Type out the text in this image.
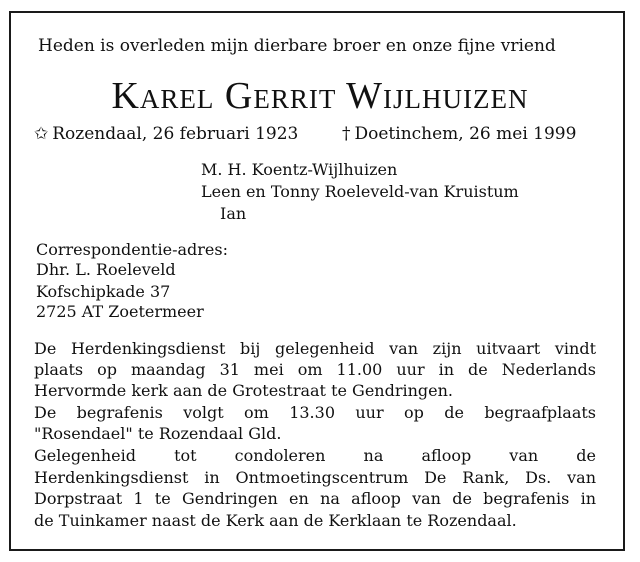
Heden is overleden mijn dierbare broer en onze fijne vriend
Karel Gerrit Wijlhuizen
✩ Rozendaal, 26 februari 1923	† Doetinchem, 26 mei 1999
M. H. Koentz-Wijlhuizen
Leen en Tonny Roeleveld-van Kruistum
Ian
Correspondentie-adres:
Dhr. L. Roeleveld
Kofschipkade 37
2725 AT Zoetermeer
De Herdenkingsdienst bij gelegenheid van zijn uitvaart vindt
plaats op maandag 31 mei om 11.00 uur in de Nederlands
Hervormde kerk aan de Grotestraat te Gendringen.
De begrafenis volgt om 13.30 uur op de begraafplaats
"Rosendael" te Rozendaal Gld.
Gelegenheid tot condoleren na afloop van de
Herdenkingsdienst in Ontmoetingscentrum De Rank, Ds. van
Dorpstraat 1 te Gendringen en na afloop van de begrafenis in
de Tuinkamer naast de Kerk aan de Kerklaan te Rozendaal.
